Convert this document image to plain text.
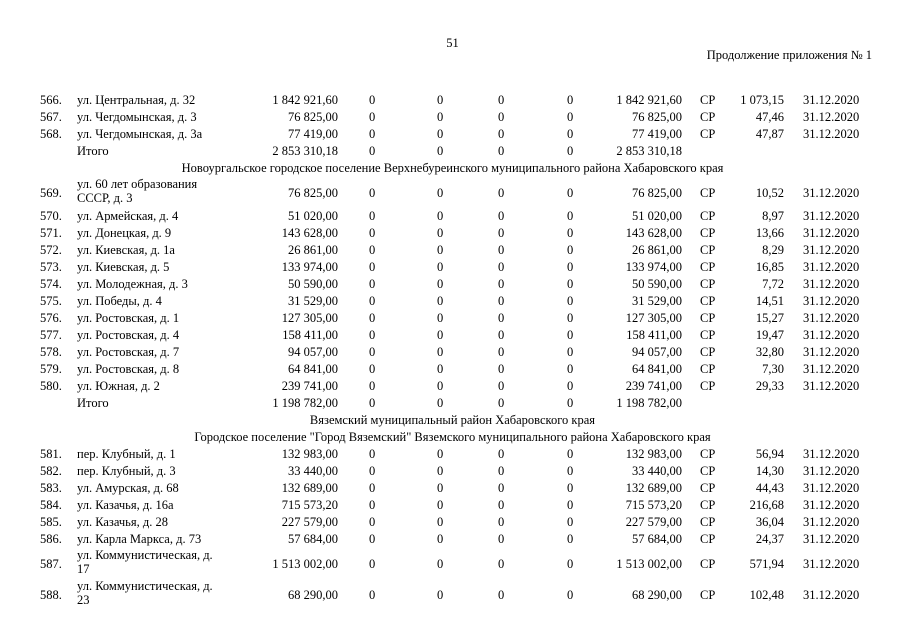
51
Продолжение приложения № 1
566. ул. Центральная, д. 32	1 842 921,60 0	0	0	0	1 842 921,60 СР	1 073,15 31.12.2020
567. ул. Чегдомынская, д. 3	76 825,00 0	0	0	0	76 825,00 СР	47,46 31.12.2020
568. ул. Чегдомынская, д. 3а	77 419,00 0	0	0	0	77 419,00 СР	47,87 31.12.2020
Итого	2 853 310,18 0	0	0	0	2 853 310,18
Новоургальское городское поселение Верхнебуреинского муниципального района Хабаровского края
569.
ул. 60 лет образования СССР, д. 3	76 825,00 0	0	0	0	76 825,00 СР	10,52 31.12.2020
570. ул. Армейская, д. 4	51 020,00 0	0	0	0	51 020,00 СР	8,97 31.12.2020
571. ул. Донецкая, д. 9	143 628,00 0	0	0	0	143 628,00 СР	13,66 31.12.2020
572. ул. Киевская, д. 1а	26 861,00 0	0	0	0	26 861,00 СР	8,29 31.12.2020
573. ул. Киевская, д. 5	133 974,00 0	0	0	0	133 974,00 СР	16,85 31.12.2020
574. ул. Молодежная, д. 3	50 590,00 0	0	0	0	50 590,00 СР	7,72 31.12.2020
575. ул. Победы, д. 4	31 529,00 0	0	0	0	31 529,00 СР	14,51 31.12.2020
576. ул. Ростовская, д. 1	127 305,00 0	0	0	0	127 305,00 СР	15,27 31.12.2020
577. ул. Ростовская, д. 4	158 411,00 0	0	0	0	158 411,00 СР	19,47 31.12.2020
578. ул. Ростовская, д. 7	94 057,00 0	0	0	0	94 057,00 СР	32,80 31.12.2020
579. ул. Ростовская, д. 8	64 841,00 0	0	0	0	64 841,00 СР	7,30 31.12.2020
580. ул. Южная, д. 2	239 741,00 0	0	0	0	239 741,00 СР	29,33 31.12.2020
Итого	1 198 782,00 0	0	0	0	1 198 782,00
Вяземский муниципальный район Хабаровского края
Городское поселение "Город Вяземский" Вяземского муниципального района Хабаровского края
581. пер. Клубный, д. 1	132 983,00 0	0	0	0	132 983,00 СР	56,94 31.12.2020
582. пер. Клубный, д. 3	33 440,00 0	0	0	0	33 440,00 СР	14,30 31.12.2020
583. ул. Амурская, д. 68	132 689,00 0	0	0	0	132 689,00 СР	44,43 31.12.2020
584. ул. Казачья, д. 16а	715 573,20 0	0	0	0	715 573,20 СР	216,68 31.12.2020
585. ул. Казачья, д. 28	227 579,00 0	0	0	0	227 579,00 СР	36,04 31.12.2020
586. ул. Карла Маркса, д. 73	57 684,00 0	0	0	0	57 684,00 СР	24,37 31.12.2020
587.
ул. Коммунистическая, д. 17	1 513 002,00 0	0	0	0	1 513 002,00 СР	571,94 31.12.2020
588.
ул. Коммунистическая, д. 23	68 290,00 0	0	0	0	68 290,00 СР	102,48 31.12.2020
